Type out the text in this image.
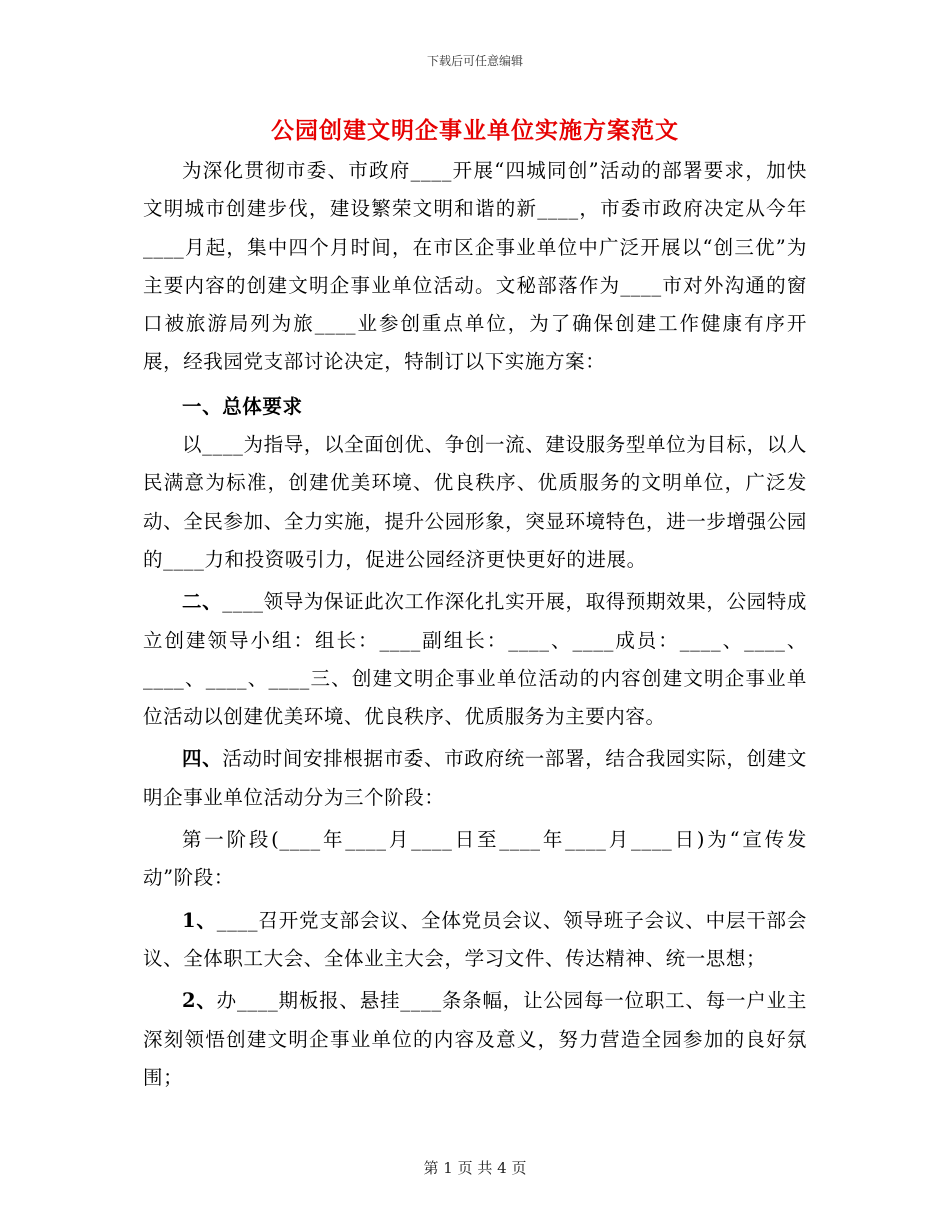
下载后可任意编辑
公园创建文明企事业单位实施方案范文

为深化贯彻市委、市政府____开展“四城同创”活动的部署要求，加快文明城市创建步伐，建设繁荣文明和谐的新____，市委市政府决定从今年____月起，集中四个月时间，在市区企事业单位中广泛开展以“创三优”为主要内容的创建文明企事业单位活动。文秘部落作为____市对外沟通的窗口被旅游局列为旅____业参创重点单位，为了确保创建工作健康有序开展，经我园党支部讨论决定，特制订以下实施方案：

一、总体要求

以____为指导，以全面创优、争创一流、建设服务型单位为目标，以人民满意为标准，创建优美环境、优良秩序、优质服务的文明单位，广泛发动、全民参加、全力实施，提升公园形象，突显环境特色，进一步增强公园的____力和投资吸引力，促进公园经济更快更好的进展。

二、____领导为保证此次工作深化扎实开展，取得预期效果，公园特成立创建领导小组：组长：____副组长：____、____成员：____、____、____、____、____三、创建文明企事业单位活动的内容创建文明企事业单位活动以创建优美环境、优良秩序、优质服务为主要内容。

四、活动时间安排根据市委、市政府统一部署，结合我园实际，创建文明企事业单位活动分为三个阶段：

第一阶段(____年____月____日至____年____月____日)为“宣传发动”阶段：

1、____召开党支部会议、全体党员会议、领导班子会议、中层干部会议、全体职工大会、全体业主大会，学习文件、传达精神、统一思想；

2、办____期板报、悬挂____条条幅，让公园每一位职工、每一户业主深刻领悟创建文明企事业单位的内容及意义，努力营造全园参加的良好氛围；

第 1 页 共 4 页
